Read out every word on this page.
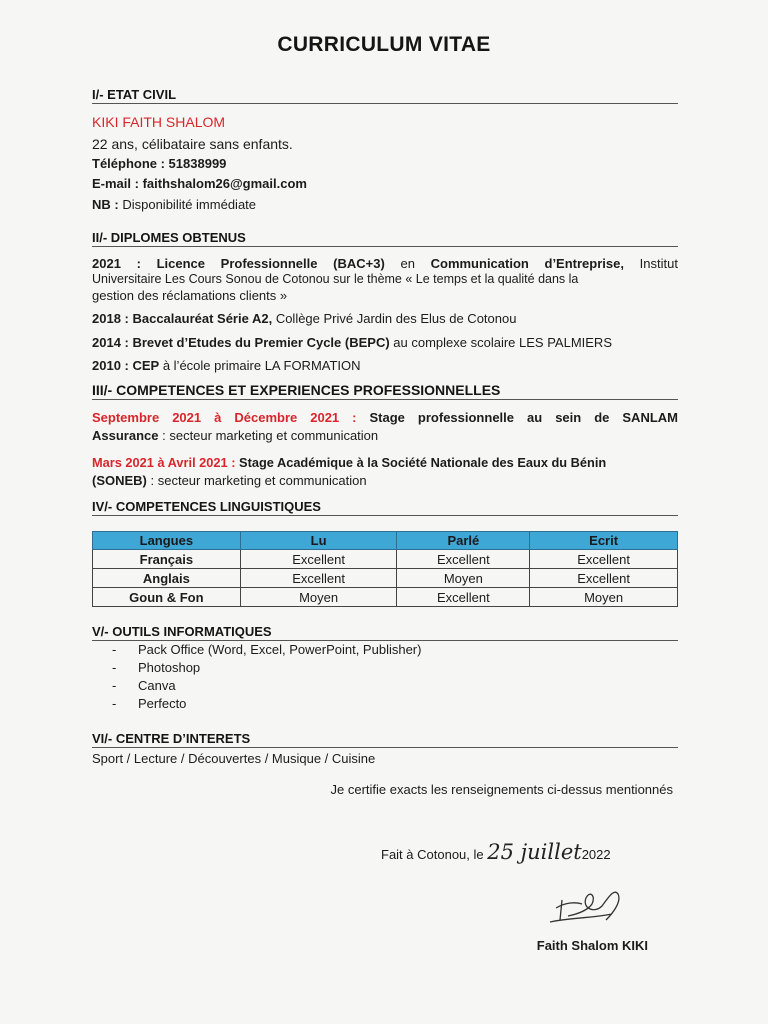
CURRICULUM VITAE
I/- ETAT CIVIL
KIKI FAITH SHALOM
22 ans, célibataire sans enfants.
Téléphone : 51838999
E-mail : faithshalom26@gmail.com
NB : Disponibilité immédiate
II/- DIPLOMES OBTENUS
2021 : Licence Professionnelle (BAC+3) en Communication d’Entreprise, Institut
Universitaire Les Cours Sonou de Cotonou sur le thème « Le temps et la qualité dans la
gestion des réclamations clients »
2018 : Baccalauréat Série A2, Collège Privé Jardin des Elus de Cotonou
2014 : Brevet d’Etudes du Premier Cycle (BEPC) au complexe scolaire LES PALMIERS
2010 : CEP à l’école primaire LA FORMATION
III/- COMPETENCES ET EXPERIENCES PROFESSIONNELLES
Septembre 2021 à Décembre 2021 : Stage professionnelle au sein de SANLAM
Assurance : secteur marketing et communication
Mars 2021 à Avril 2021 : Stage Académique à la Société Nationale des Eaux du Bénin
(SONEB) : secteur marketing et communication
IV/- COMPETENCES LINGUISTIQUES
Langues	Lu	Parlé	Ecrit
Français	Excellent	Excellent	Excellent
Anglais	Excellent	Moyen	Excellent
Goun & Fon	Moyen	Excellent	Moyen
V/- OUTILS INFORMATIQUES
-	Pack Office (Word, Excel, PowerPoint, Publisher)
-	Photoshop
-	Canva
-	Perfecto
VI/- CENTRE D’INTERETS
Sport / Lecture / Découvertes / Musique / Cuisine
Je certifie exacts les renseignements ci-dessus mentionnés
Fait à Cotonou, le 25 juillet2022
Faith Shalom KIKI
